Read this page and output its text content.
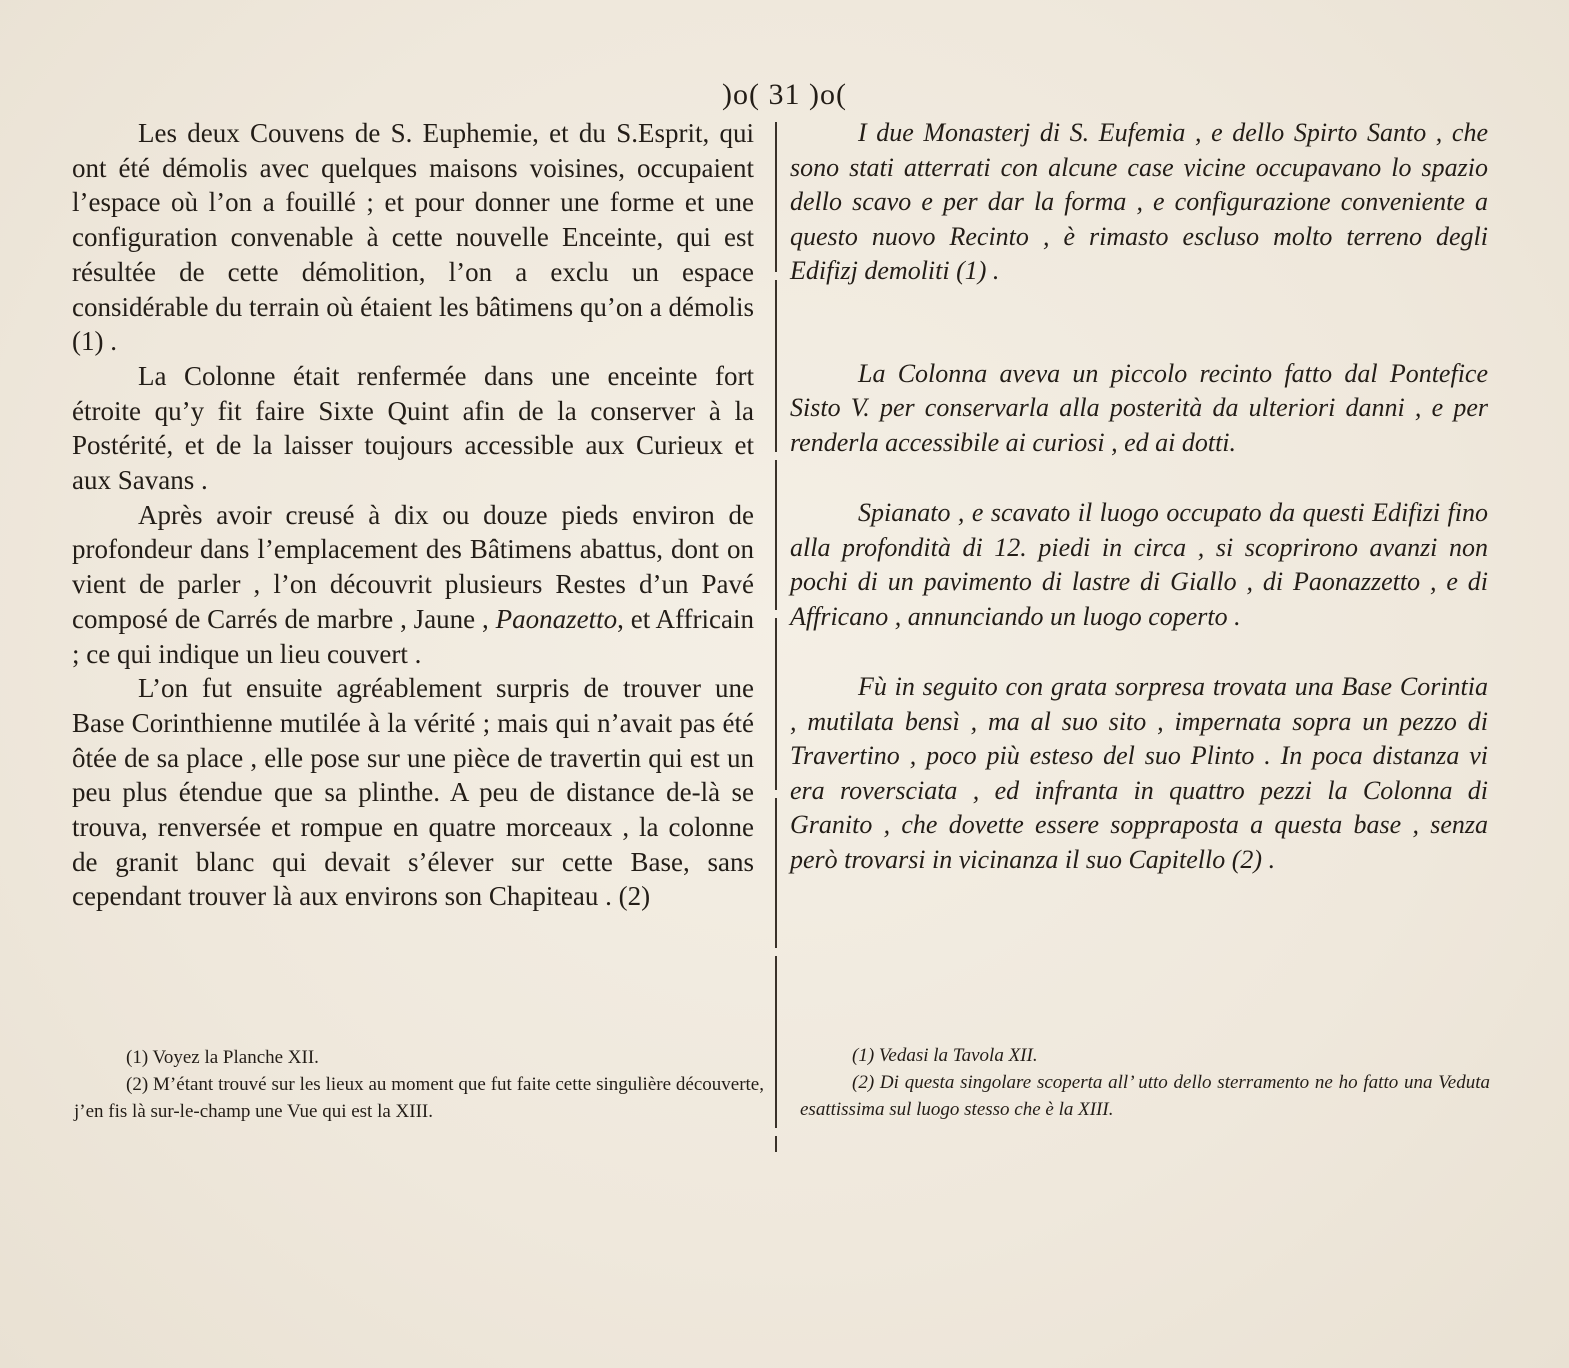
)o( 31 )o(

Les deux Couvens de S. Euphemie, et du S.Esprit, qui ont été démolis avec quelques maisons voisines, occupaient l’espace où l’on a fouillé ; et pour donner une forme et une configuration convenable à cette nouvelle Enceinte, qui est résultée de cette démolition, l’on a exclu un espace considérable du terrain où étaient les bâtimens qu’on a démolis (1) .

La Colonne était renfermée dans une enceinte fort étroite qu’y fit faire Sixte Quint afin de la conserver à la Postérité, et de la laisser toujours accessible aux Curieux et aux Savans .

Après avoir creusé à dix ou douze pieds environ de profondeur dans l’emplacement des Bâtimens abattus, dont on vient de parler , l’on découvrit plusieurs Restes d’un Pavé composé de Carrés de marbre , Jaune , Paonazetto, et Affricain ; ce qui indique un lieu couvert .

L’on fut ensuite agréablement surpris de trouver une Base Corinthienne mutilée à la vérité ; mais qui n’avait pas été ôtée de sa place , elle pose sur une pièce de travertin qui est un peu plus étendue que sa plinthe. A peu de distance de-là se trouva, renversée et rompue en quatre morceaux , la colonne de granit blanc qui devait s’élever sur cette Base, sans cependant trouver là aux environs son Chapiteau . (2)

I due Monasterj di S. Eufemia , e dello Spirto Santo , che sono stati atterrati con alcune case vicine occupavano lo spazio dello scavo e per dar la forma , e configurazione conveniente a questo nuovo Recinto , è rimasto escluso molto terreno degli Edifizj demoliti (1) .

La Colonna aveva un piccolo recinto fatto dal Pontefice Sisto V. per conservarla alla posterità da ulteriori danni , e per renderla accessibile ai curiosi , ed ai dotti.

Spianato , e scavato il luogo occupato da questi Edifizi fino alla profondità di 12. piedi in circa , si scoprirono avanzi non pochi di un pavimento di lastre di Giallo , di Paonazzetto , e di Affricano , annunciando un luogo coperto .

Fù in seguito con grata sorpresa trovata una Base Corintia , mutilata bensì , ma al suo sito , impernata sopra un pezzo di Travertino , poco più esteso del suo Plinto . In poca distanza vi era roversciata , ed infranta in quattro pezzi la Colonna di Granito , che dovette essere soppraposta a questa base , senza però trovarsi in vicinanza il suo Capitello (2) .

(1) Voyez la Planche XII.

(2) M’étant trouvé sur les lieux au moment que fut faite cette singulière découverte, j’en fis là sur-le-champ une Vue qui est la XIII.

(1) Vedasi la Tavola XII.

(2) Di questa singolare scoperta all’ utto dello sterramento ne ho fatto una Veduta esattissima sul luogo stesso che è la XIII.
